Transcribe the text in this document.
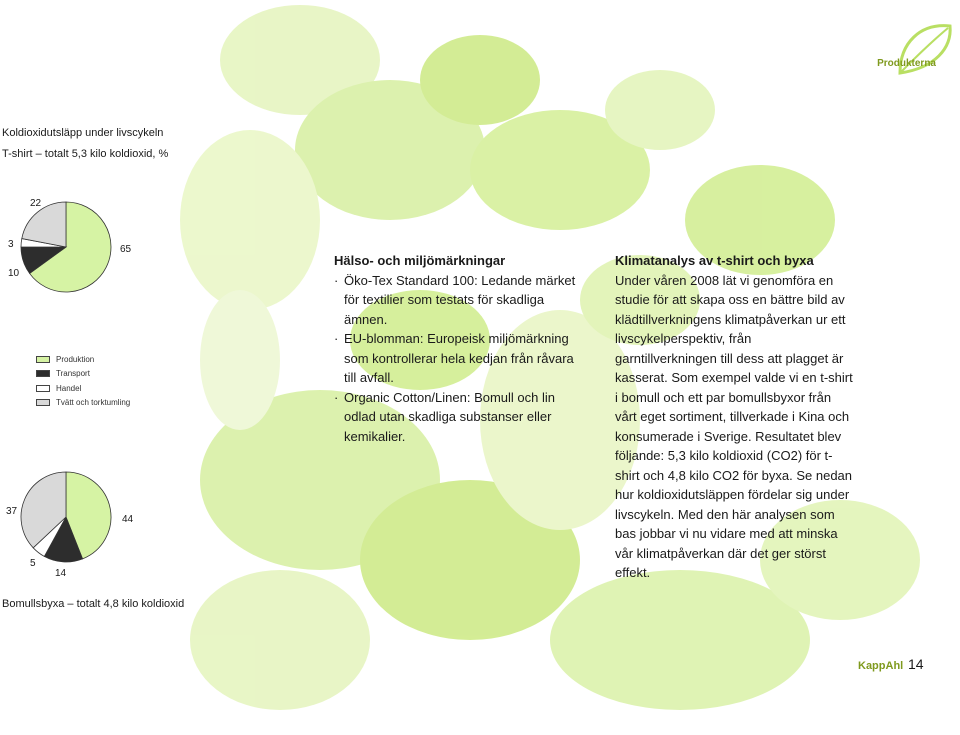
Produkterna
Koldioxidutsläpp under livscykeln
T-shirt – totalt 5,3 kilo koldioxid, %
65
10
3
22
44
14
5
37
Produktion
Transport
Handel
Tvätt och torktumling
Bomullsbyxa – totalt 4,8 kilo koldioxid

Hälso- och miljömärkningar

· Öko-Tex Standard 100: Ledande märket för textilier som testats för skadliga ämnen.

· EU-blomman: Europeisk miljömärkning som kontrollerar hela kedjan från råvara till avfall.

· Organic Cotton/Linen: Bomull och lin odlad utan skadliga substanser eller kemikalier.

Klimatanalys av t-shirt och byxa

Under våren 2008 lät vi genomföra en studie för att skapa oss en bättre bild av klädtillverkningens klimatpåverkan ur ett livscykelperspektiv, från garntillverkningen till dess att plagget är kasserat. Som exempel valde vi en t-shirt i bomull och ett par bomullsbyxor från vårt eget sortiment, tillverkade i Kina och konsumerade i Sverige. Resultatet blev följande: 5,3 kilo koldioxid (CO2) för t-shirt och 4,8 kilo CO2 för byxa. Se nedan hur koldioxidutsläppen fördelar sig under livscykeln. Med den här analysen som bas jobbar vi nu vidare med att minska vår klimatpåverkan där det ger störst effekt.

KappAhl 14
